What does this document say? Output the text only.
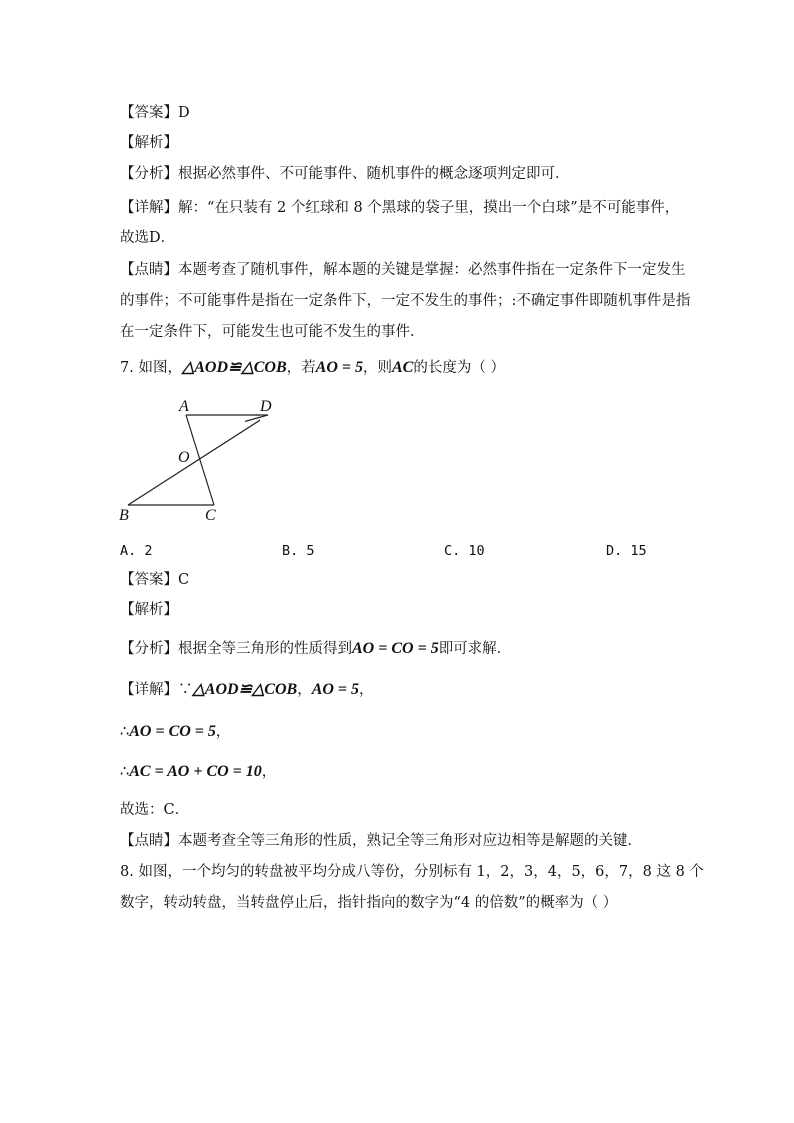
【答案】D
【解析】
【分析】根据必然事件、不可能事件、随机事件的概念逐项判定即可．
【详解】解：“在只装有 2 个红球和 8 个黑球的袋子里，摸出一个白球”是不可能事件，
故选D．
【点睛】本题考查了随机事件，解本题的关键是掌握：必然事件指在一定条件下一定发生
的事件；不可能事件是指在一定条件下，一定不发生的事件；:不确定事件即随机事件是指
在一定条件下，可能发生也可能不发生的事件．
7. 如图，△AOD≌△COB，若AO = 5，则AC的长度为（ ）
A
O
B	C
D
A. 2	B. 5	C. 10	D. 15
【答案】C
【解析】
【分析】根据全等三角形的性质得到AO = CO = 5即可求解．
【详解】∵△AOD≌△COB，AO = 5，
∴AO = CO = 5，
∴AC = AO + CO = 10，
故选：C．
【点睛】本题考查全等三角形的性质，熟记全等三角形对应边相等是解题的关键．
8. 如图，一个均匀的转盘被平均分成八等份，分别标有 1，2，3，4，5，6，7，8 这 8 个
数字，转动转盘，当转盘停止后，指针指向的数字为“4 的倍数”的概率为（ ）
